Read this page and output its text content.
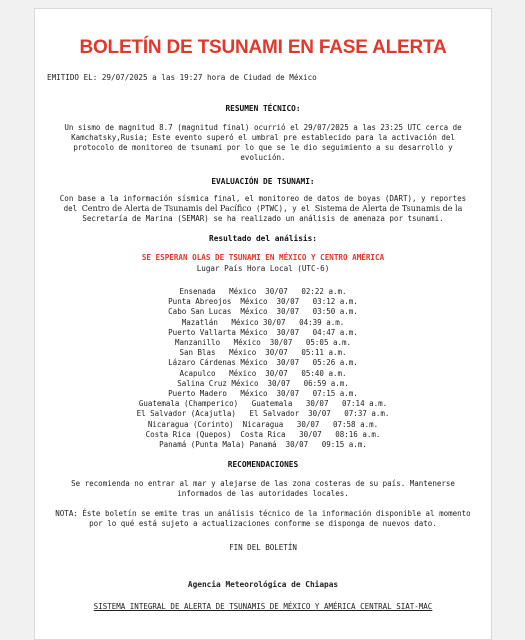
BOLETÍN DE TSUNAMI EN FASE ALERTA
EMITIDO EL: 29/07/2025 a las 19:27 hora de Ciudad de México
RESUMEN TÉCNICO:
Un sismo de magnitud 8.7 (magnitud final) ocurrió el 29/07/2025 a las 23:25 UTC cerca de
Kamchatsky,Rusia; Este evento superó el umbral pre establecido para la activación del
protocolo de monitoreo de tsunami por lo que se le dio seguimiento a su desarrollo y
evolución.
EVALUACIÓN DE TSUNAMI:
Con base a la información sísmica final, el monitoreo de datos de boyas (DART), y reportes
del Centro de Alerta de Tsunamis del Pacífico (PTWC), y el Sistema de Alerta de Tsunamis de la
Secretaría de Marina (SEMAR) se ha realizado un análisis de amenaza por tsunami.
Resultado del análisis:
SE ESPERAN OLAS DE TSUNAMI EN MÉXICO Y CENTRO AMÉRICA
Lugar País Hora Local (UTC-6)
Ensenada   México  30/07   02:22 a.m.
Punta Abreojos  México  30/07   03:12 a.m.
Cabo San Lucas  México  30/07   03:50 a.m.
Mazatlán   México 30/07   04:39 a.m.
Puerto Vallarta México  30/07   04:47 a.m.
Manzanillo   México  30/07   05:05 a.m.
San Blas   México  30/07   05:11 a.m.
Lázaro Cárdenas México  30/07   05:26 a.m.
Acapulco   México  30/07   05:40 a.m.
Salina Cruz México  30/07   06:59 a.m.
Puerto Madero   México  30/07   07:15 a.m.
Guatemala (Champerico)   Guatemala   30/07   07:14 a.m.
El Salvador (Acajutla)   El Salvador  30/07   07:37 a.m.
Nicaragua (Corinto)  Nicaragua   30/07   07:58 a.m.
Costa Rica (Quepos)  Costa Rica   30/07   08:16 a.m.
Panamá (Punta Mala) Panamá  30/07   09:15 a.m.
RECOMENDACIONES
Se recomienda no entrar al mar y alejarse de las zona costeras de su país. Mantenerse
informados de las autoridades locales.
NOTA: Éste boletín se emite tras un análisis técnico de la información disponible al momento
por lo qué está sujeto a actualizaciones conforme se disponga de nuevos dato.
FIN DEL BOLETÍN
Agencia Meteorológica de Chiapas
SISTEMA INTEGRAL DE ALERTA DE TSUNAMIS DE MÉXICO Y AMÉRICA CENTRAL SIAT-MAC
